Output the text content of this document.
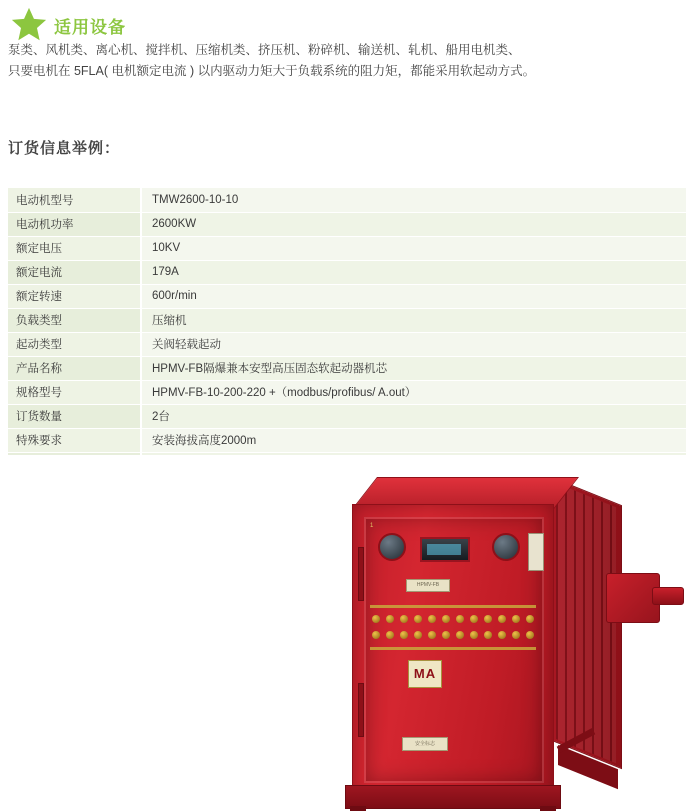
适用设备
泵类、风机类、离心机、搅拌机、压缩机类、挤压机、粉碎机、输送机、轧机、船用电机类、
只要电机在 5FLA( 电机额定电流 ) 以内驱动力矩大于负载系统的阻力矩，都能采用软起动方式。
订货信息举例：
电动机型号	TMW2600-10-10
电动机功率	2600KW
额定电压	10KV
额定电流	179A
额定转速	600r/min
负载类型	压缩机
起动类型	关阀轻载起动
产品名称	HPMV-FB隔爆兼本安型高压固态软起动器机芯
规格型号	HPMV-FB-10-200-220 +（modbus/profibus/ A.out）
订货数量	2台
特殊要求	安装海拔高度2000m

HPMV-FB
MA
安全标志
1
